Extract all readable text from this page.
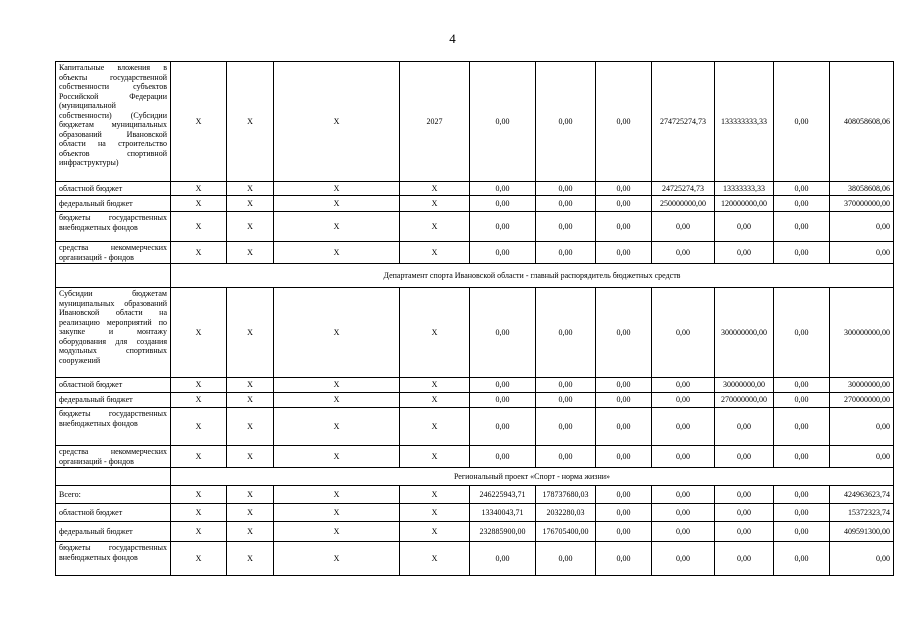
4
Капитальные вложения в объекты государственной собственности субъектов Российской Федерации (муниципальной собственности) (Субсидии бюджетам муниципальных образований Ивановской области на строительство объектов спортивной инфраструктуры)	X	X	X	2027	0,00	0,00	0,00	274725274,73	133333333,33	0,00	408058608,06
областной бюджет	X	X	X	X	0,00	0,00	0,00	24725274,73	13333333,33	0,00	38058608,06
федеральный бюджет	X	X	X	X	0,00	0,00	0,00	250000000,00	120000000,00	0,00	370000000,00
бюджеты государственных внебюджетных фондов	X	X	X	X	0,00	0,00	0,00	0,00	0,00	0,00	0,00
средства некоммерческих организаций - фондов	X	X	X	X	0,00	0,00	0,00	0,00	0,00	0,00	0,00
	Департамент спорта Ивановской области - главный распорядитель бюджетных средств										
Субсидии бюджетам муниципальных образований Ивановской области на реализацию мероприятий по закупке и монтажу оборудования для создания модульных спортивных сооружений	X	X	X	X	0,00	0,00	0,00	0,00	300000000,00	0,00	300000000,00
областной бюджет	X	X	X	X	0,00	0,00	0,00	0,00	30000000,00	0,00	30000000,00
федеральный бюджет	X	X	X	X	0,00	0,00	0,00	0,00	270000000,00	0,00	270000000,00
бюджеты государственных внебюджетных фондов	X	X	X	X	0,00	0,00	0,00	0,00	0,00	0,00	0,00
средства некоммерческих организаций - фондов	X	X	X	X	0,00	0,00	0,00	0,00	0,00	0,00	0,00
	Региональный проект «Спорт - норма жизни»										
Всего:	X	X	X	X	246225943,71	178737680,03	0,00	0,00	0,00	0,00	424963623,74
областной бюджет	X	X	X	X	13340043,71	2032280,03	0,00	0,00	0,00	0,00	15372323,74
федеральный бюджет	X	X	X	X	232885900,00	176705400,00	0,00	0,00	0,00	0,00	409591300,00
бюджеты государственных внебюджетных фондов	X	X	X	X	0,00	0,00	0,00	0,00	0,00	0,00	0,00
